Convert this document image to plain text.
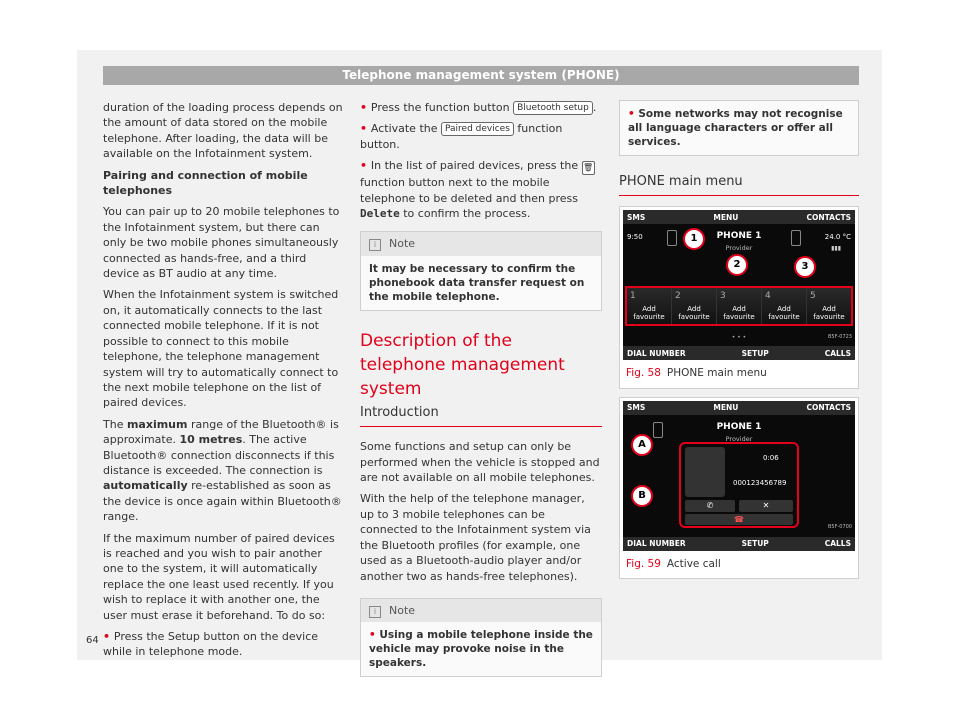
Telephone management system (PHONE)

duration of the loading process depends on the amount of data stored on the mobile telephone. After loading, the data will be available on the Infotainment system.

Pairing and connection of mobile telephones

You can pair up to 20 mobile telephones to the Infotainment system, but there can only be two mobile phones simultaneously connected as hands-free, and a third device as BT audio at any time.

When the Infotainment system is switched on, it automatically connects to the last connected mobile telephone. If it is not possible to connect to this mobile telephone, the telephone management system will try to automatically connect to the next mobile telephone on the list of paired devices.

The maximum range of the Bluetooth® is approximate. 10 metres. The active Bluetooth® connection disconnects if this distance is exceeded. The connection is automatically re-established as soon as the device is once again within Bluetooth® range.

If the maximum number of paired devices is reached and you wish to pair another one to the system, it will automatically replace the one least used recently. If you wish to replace it with another one, the user must erase it beforehand. To do so:

• Press the Setup button on the device while in telephone mode.

• Press the function button Bluetooth setup .

• Activate the Paired devices function button.

• In the list of paired devices, press the 🗑 function button next to the mobile telephone to be deleted and then press Delete to confirm the process.

i Note
It may be necessary to confirm the phonebook data transfer request on the mobile telephone.
Description of the telephone management system
Introduction

Some functions and setup can only be performed when the vehicle is stopped and are not available on all mobile telephones.

With the help of the telephone manager, up to 3 mobile telephones can be connected to the Infotainment system via the Bluetooth profiles (for example, one used as a Bluetooth-audio player and/or another two as hands-free telephones).

i Note
• Using a mobile telephone inside the vehicle may provoke noise in the speakers.
• Some networks may not recognise all language characters or offer all services.
PHONE main menu
SMS	MENU	CONTACTS
9:50	24.0 °C
▮▮▮
PHONE 1
Provider
1
2	3
1
Add favourite
2
Add favourite
3
Add favourite
4
Add favourite
5
Add favourite
• • •
DIAL NUMBER	SETUP	CALLS
B5F-0723
Fig. 58 PHONE main menu
SMS	MENU	CONTACTS
PHONE 1
Provider
0:06
000123456789
✆	✕
☎
A
B
DIAL NUMBER	SETUP	CALLS
B5F-0700
Fig. 59 Active call
64
